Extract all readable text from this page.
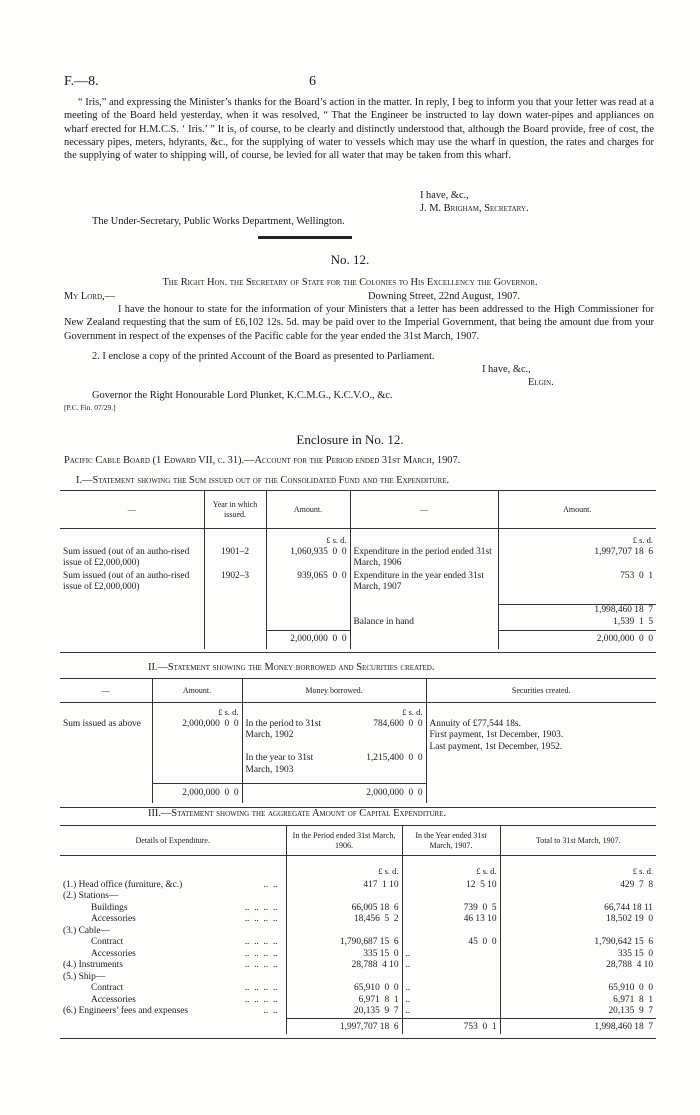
F.—8.	6
“ Iris,” and expressing the Minister’s thanks for the Board’s action in the matter. In reply, I beg to inform you that your letter was read at a meeting of the Board held yesterday, when it was resolved, “ That the Engineer be instructed to lay down water-pipes and appliances on wharf erected for H.M.C.S. ‘ Iris.’ ” It is, of course, to be clearly and distinctly understood that, although the Board provide, free of cost, the necessary pipes, meters, hdyrants, &c., for the supplying of water to vessels which may use the wharf in question, the rates and charges for the supplying of water to shipping will, of course, be levied for all water that may be taken from this wharf.
I have, &c.,
J. M. Brigham, Secretary.
The Under-Secretary, Public Works Department, Wellington.
No. 12.
The Right Hon. the Secretary of State for the Colonies to His Excellency the Governor.
My Lord,—	Downing Street, 22nd August, 1907.
I have the honour to state for the information of your Ministers that a letter has been addressed to the High Commissioner for New Zealand requesting that the sum of £6,102 12s. 5d. may be paid over to the Imperial Government, that being the amount due from your Government in respect of the expenses of the Pacific cable for the year ended the 31st March, 1907.
2. I enclose a copy of the printed Account of the Board as presented to Parliament.
I have, &c.,
Elgin.
Governor the Right Honourable Lord Plunket, K.C.M.G., K.C.V.O., &c.
[P.C. Fin. 07/29.]
Enclosure in No. 12.
Pacific Cable Board (1 Edward VII, c. 31).—Account for the Period ended 31st March, 1907.
I.—Statement showing the Sum issued out of the Consolidated Fund and the Expenditure.
—	Year in which issued.	Amount.	—	Amount.
		£ s. d.		£ s. d.
Sum issued (out of an autho-rised issue of £2,000,000)	1901–2	1,060,935  0  0	Expenditure in the period ended 31st March, 1906	1,997,707 18  6
Sum issued (out of an autho-rised issue of £2,000,000)	1902–3	939,065  0  0	Expenditure in the year ended 31st March, 1907	753  0  1

				1,998,460 18  7
			Balance in hand	1,539  1  5
		2,000,000  0  0		2,000,000  0  0

II.—Statement showing the Money borrowed and Securities created.
—	Amount.	Money borrowed.		Securities created.
	£ s. d.		£ s. d.	
Sum issued as above	2,000,000  0  0	In the period to 31st March, 1902	784,600  0  0	Annuity of £77,544 18s.
First payment, 1st December, 1903.
Last payment, 1st December, 1952.

		In the year to 31st March, 1903	1,215,400  0  0	
	2,000,000  0  0		2,000,000  0  0	

III.—Statement showing the aggregate Amount of Capital Expenditure.
Details of Expenditure.	In the Period ended 31st March, 1906.	In the Year ended 31st March, 1907.	Total to 31st March, 1907.
	£ s. d.	£ s. d.	£ s. d.
(1.) Head office (furniture, &c.) ..  ..	417  1 10	12  5 10	429  7  8
(2.) Stations—

Buildings ..  ..  ..  ..	66,005 18  6	739  0  5	66,744 18 11
Accessories ..  ..  ..  ..	18,456  5  2	46 13 10	18,502 19  0
(3.) Cable—

Contract ..  ..  ..  ..	1,790,687 15  6	45  0  0	1,790,642 15  6
Accessories ..  ..  ..  ..	335 15  0	..	335 15  0
(4.) Instruments ..  ..  ..  ..	28,788  4 10	..	28,788  4 10
(5.) Ship—

Contract ..  ..  ..  ..	65,910  0  0	..	65,910  0  0
Accessories ..  ..  ..  ..	6,971  8  1	..	6,971  8  1
(6.) Engineers’ fees and expenses ..  ..	20,135  9  7	..	20,135  9  7
	1,997,707 18  6	753  0  1	1,998,460 18  7
